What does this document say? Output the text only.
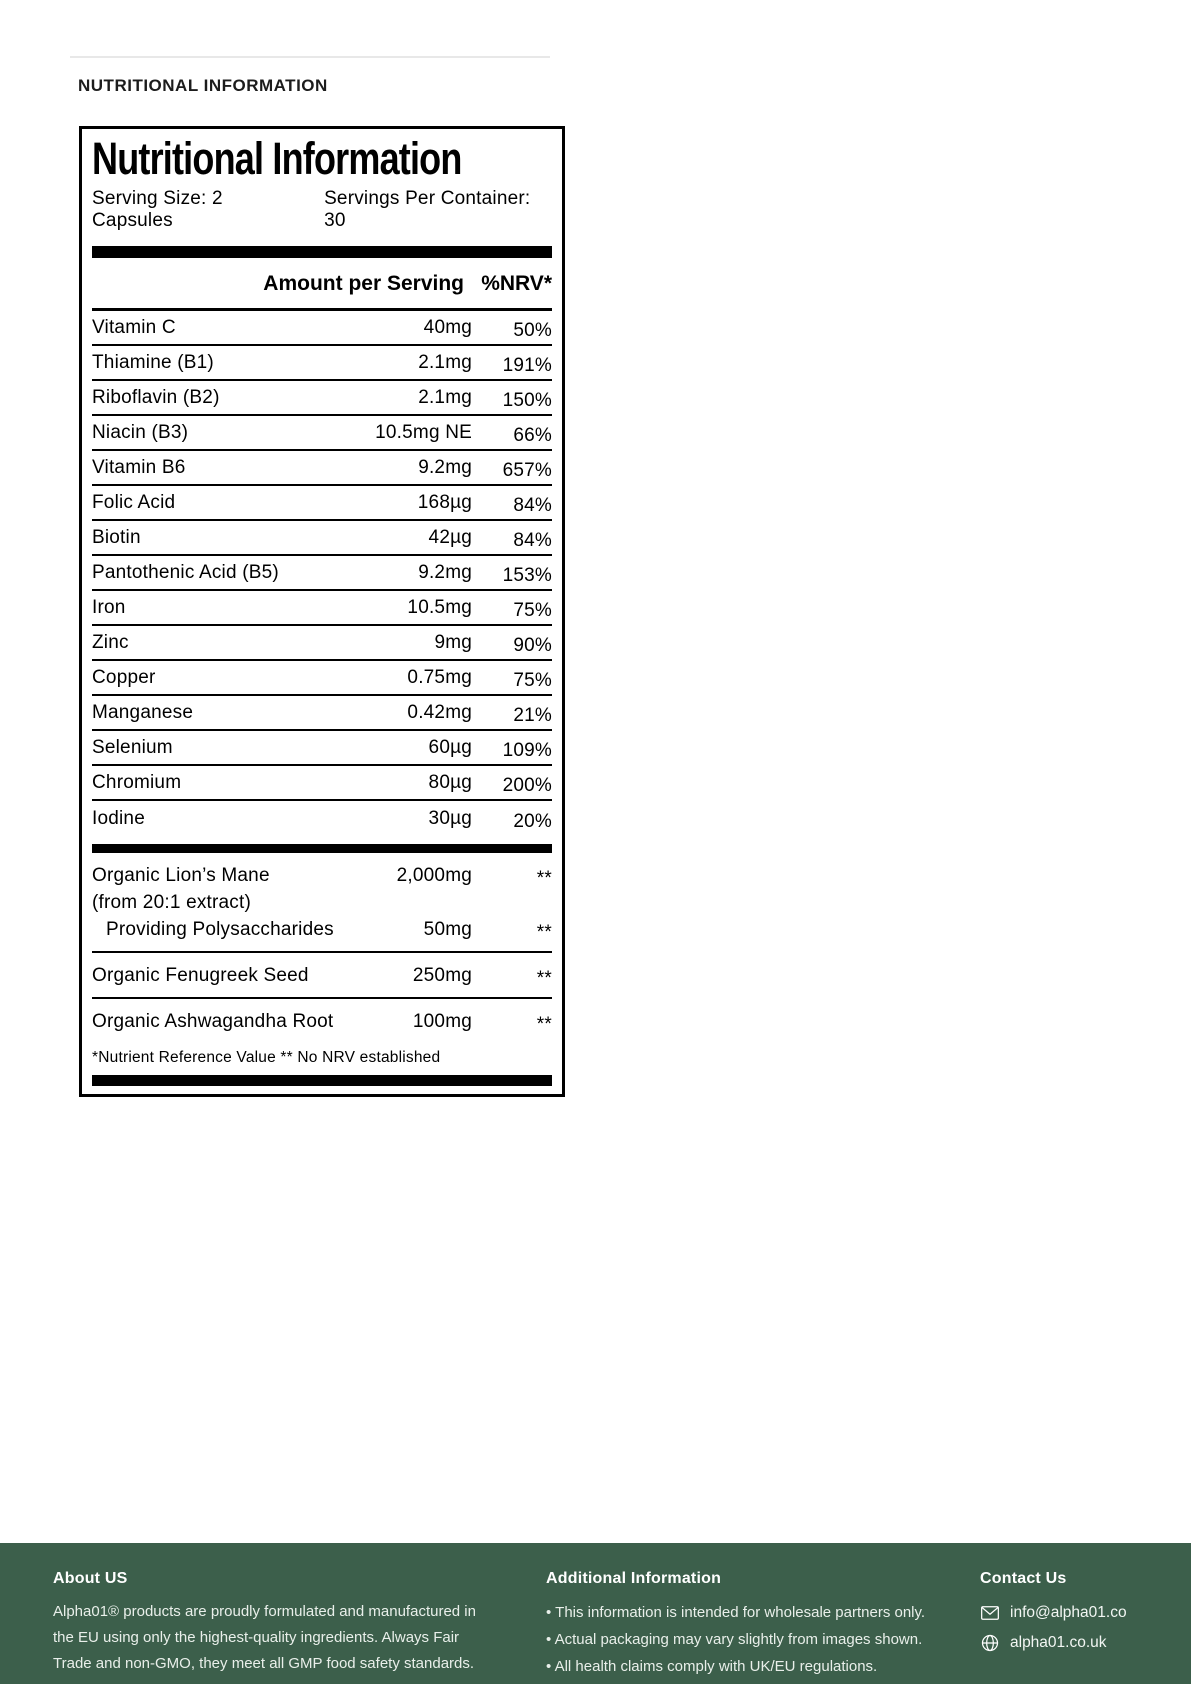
NUTRITIONAL INFORMATION
Nutritional Information
Serving Size: 2 Capsules
Servings Per Container: 30
Amount per Serving %NRV*
Vitamin C	40mg	50%
Thiamine (B1)	2.1mg	191%
Riboflavin (B2)	2.1mg	150%
Niacin (B3)	10.5mg NE	66%
Vitamin B6	9.2mg	657%
Folic Acid	168µg	84%
Biotin	42µg	84%
Pantothenic Acid (B5)	9.2mg	153%
Iron	10.5mg	75%
Zinc	9mg	90%
Copper	0.75mg	75%
Manganese	0.42mg	21%
Selenium	60µg	109%
Chromium	80µg	200%
Iodine	30µg	20%
Organic Lion’s Mane	2,000mg	**
(from 20:1 extract)
Providing Polysaccharides	50mg	**
Organic Fenugreek Seed	250mg	**
Organic Ashwagandha Root	100mg	**
*Nutrient Reference Value ** No NRV established
About US
Alpha01® products are proudly formulated and manufactured in the EU using only the highest-quality ingredients. Always Fair Trade and non-GMO, they meet all GMP food safety standards.
Additional Information
• This information is intended for wholesale partners only.
• Actual packaging may vary slightly from images shown.
• All health claims comply with UK/EU regulations.
Contact Us
info@alpha01.co
alpha01.co.uk
